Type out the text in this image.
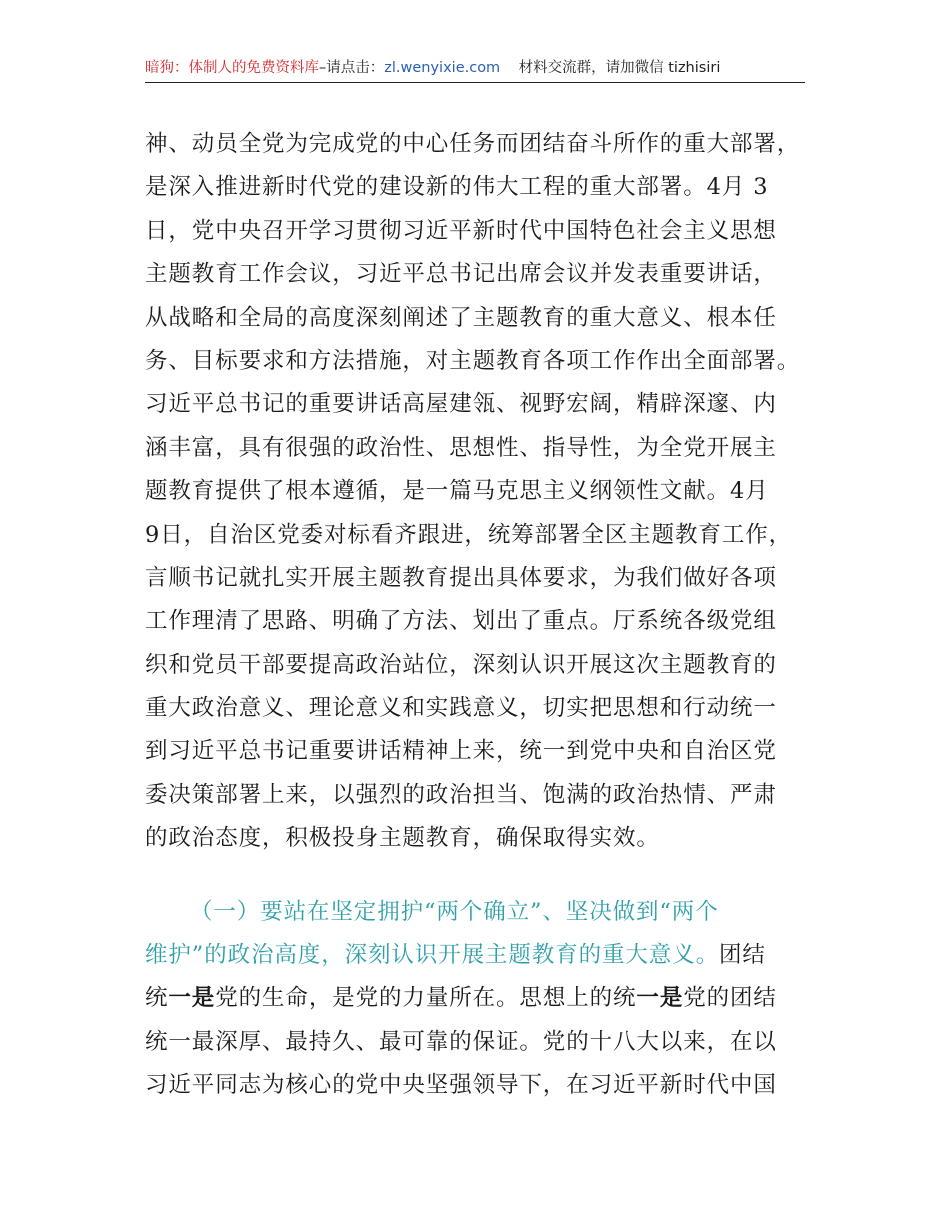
暗狗：体制人的免费资料库–请点击：zl.wenyixie.com 材料交流群，请加微信 tizhisiri
神、动员全党为完成党的中心任务而团结奋斗所作的重大部署，
是深入推进新时代党的建设新的伟大工程的重大部署。4月 3
日，党中央召开学习贯彻习近平新时代中国特色社会主义思想
主题教育工作会议，习近平总书记出席会议并发表重要讲话，
从战略和全局的高度深刻阐述了主题教育的重大意义、根本任
务、目标要求和方法措施，对主题教育各项工作作出全面部署。
习近平总书记的重要讲话高屋建瓴、视野宏阔，精辟深邃、内
涵丰富，具有很强的政治性、思想性、指导性，为全党开展主
题教育提供了根本遵循，是一篇马克思主义纲领性文献。4月
9日，自治区党委对标看齐跟进，统筹部署全区主题教育工作，
言顺书记就扎实开展主题教育提出具体要求，为我们做好各项
工作理清了思路、明确了方法、划出了重点。厅系统各级党组
织和党员干部要提高政治站位，深刻认识开展这次主题教育的
重大政治意义、理论意义和实践意义，切实把思想和行动统一
到习近平总书记重要讲话精神上来，统一到党中央和自治区党
委决策部署上来，以强烈的政治担当、饱满的政治热情、严肃
的政治态度，积极投身主题教育，确保取得实效。
（一）要站在坚定拥护“两个确立”、坚决做到“两个
维护”的政治高度，深刻认识开展主题教育的重大意义。团结
统一是党的生命，是党的力量所在。思想上的统一是党的团结
统一最深厚、最持久、最可靠的保证。党的十八大以来，在以
习近平同志为核心的党中央坚强领导下，在习近平新时代中国
